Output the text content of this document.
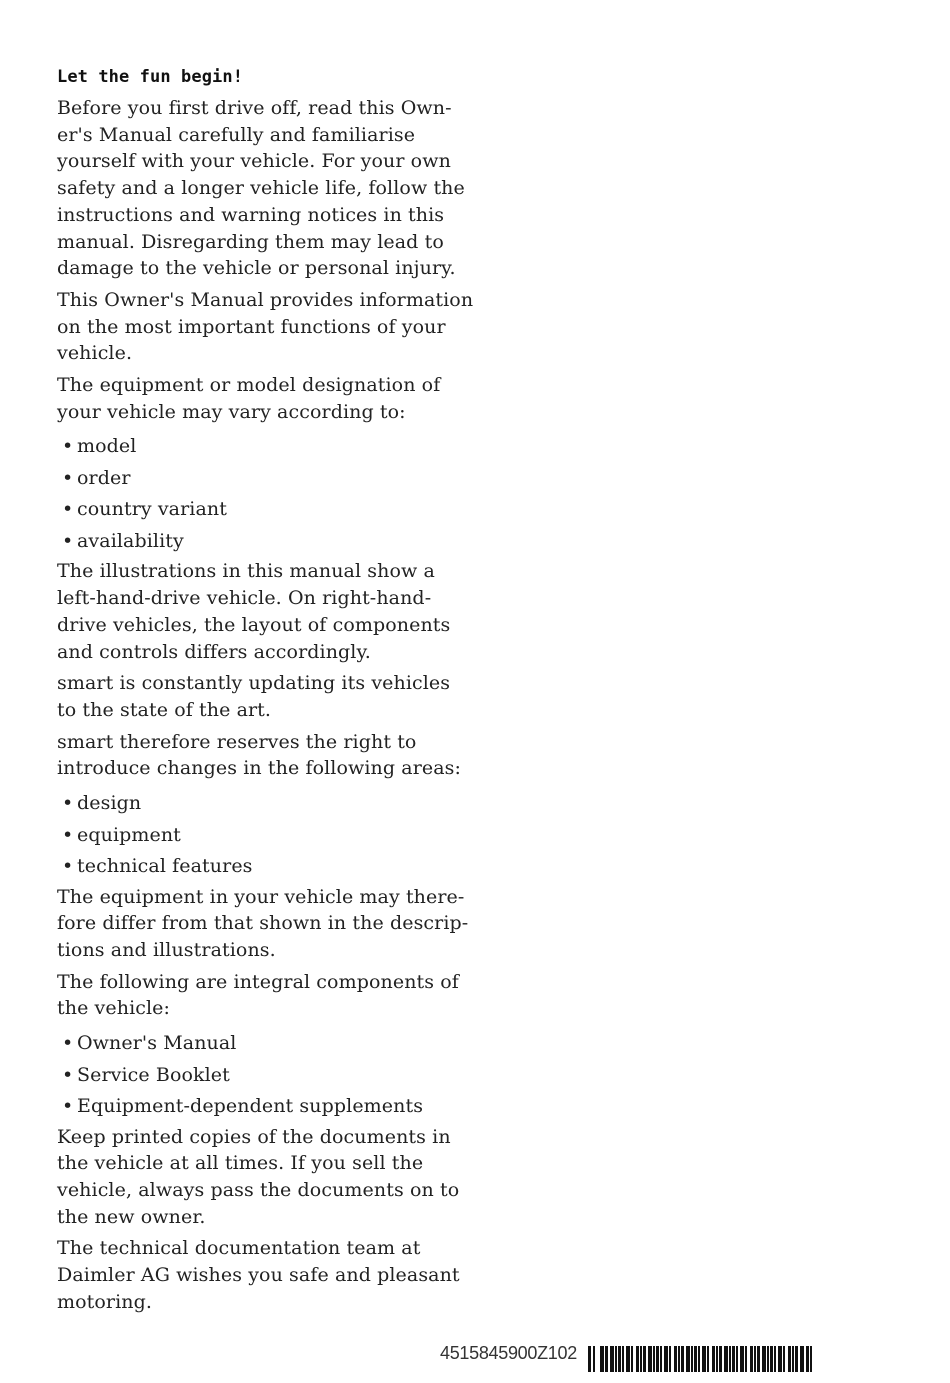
Let the fun begin!

Before you first drive off, read this Own-
er's Manual carefully and familiarise
yourself with your vehicle. For your own
safety and a longer vehicle life, follow the
instructions and warning notices in this
manual. Disregarding them may lead to
damage to the vehicle or personal injury.

This Owner's Manual provides information
on the most important functions of your
vehicle.

The equipment or model designation of
your vehicle may vary according to:

• model
• order
• country variant
• availability

The illustrations in this manual show a
left-hand-drive vehicle. On right-hand-
drive vehicles, the layout of components
and controls differs accordingly.

smart is constantly updating its vehicles
to the state of the art.

smart therefore reserves the right to
introduce changes in the following areas:

• design
• equipment
• technical features

The equipment in your vehicle may there-
fore differ from that shown in the descrip-
tions and illustrations.

The following are integral components of
the vehicle:

• Owner's Manual
• Service Booklet
• Equipment-dependent supplements

Keep printed copies of the documents in
the vehicle at all times. If you sell the
vehicle, always pass the documents on to
the new owner.

The technical documentation team at
Daimler AG wishes you safe and pleasant
motoring.

4515845900Z102
